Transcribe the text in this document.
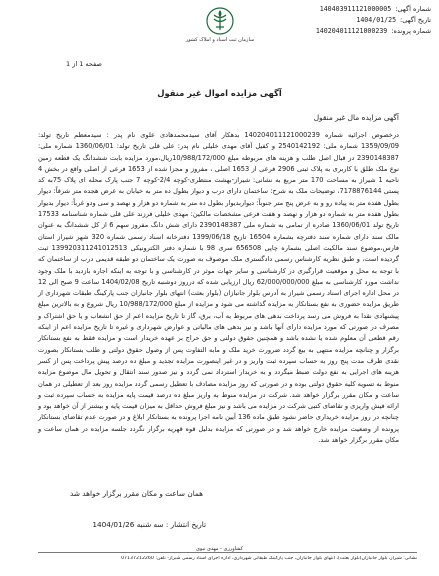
شماره آگهی:
140403911121000005
تاریخ آگهی:
1404/01/25
شماره پرونده:
140204011121000239
سازمان ثبت اسناد و املاک کشور
صفحه 1 از 1
آگهی مزایده اموال غیر منقول
آگهی مزایده مال غیر منقول
درخصوص اجرائیه شماره 140204011121000239 بدهکار آقای سیدمحمدهادی علوی نام پدر : سیدمعظم تاریخ تولد: 1359/09/09 شماره ملی: 2540142192 و کفیل آقای مهدی خلیلی نام پدر: علی قلی تاریخ تولد: 1360/06/01 شماره ملی: 2390148387 در قبال اصل طلب و هزینه های مربوطه مبلغ 10/988/172/000ریال،مورد مزایده بابت ششدانگ یک قطعه زمین نوع ملک طلق با کاربری به پلاک ثبتی 2906 فرعی از 1653 اصلی ، مفروز و مجزا شده از 1653 فرعی از اصلی واقع در بخش 4 ناحیه 1 شیراز به مساحت 170 متر مربع به نشانی: شیراز-بهشت منتظری-کوچه 2/4-کوچه 7 جنب پارک محله ای پلاک 75به کد پستی 7178876144، توضیحات ملک به شرح: ساختمان دارای درب و دیوار بطول ده متر به خیابان به عرض هجده متر شرقاً: دیوار بطول هفده متر به پیاده رو و به عرض پنج متر جنوباً: دیواربدیوار بطول ده متر به شماره دو هزار و نهصد و سی ودو غرباً: دیوار بدیوار بطول هفده متر به شماره دو هزار و نهصد و هفت فرعی مشخصات مالکین: مهدی خلیلی فرزند علی قلی شماره شناسنامه 17533 تاریخ تولد 1360/06/01 صادره از تمامی به شماره ملی 2390148387 دارای شش دانگ مفروز سهم 6 از کل ششدانگ به عنوان مالک سند دارای شماره سند دفترچه بشماره 16504 تاریخ 1399/06/18 دفترخانه اسناد رسمی شماره 320 شهر شیراز استان فارس،موضوع سند مالکیت اصلی بشماره چاپی 656508 سری 98 با شماره دفتر الکترونیکی 139920311241012513 ثبت گردیده است، و طبق نظریه کارشناس رسمی دادگستری ملک موصوف به صورت یک ساختمان دو طبقه قدیمی درب از ساختمان که با توجه به محل و موقعیت قرارگیری در کارشناسی و سایر جهات موثر در کارشناسی و با توجه به اینکه اجاره بازدید با ملک وجود نداشت مورد کارشناسی به مبلغ 62/000/000/000 ریال ارزیابی شده که درروز دوشنبه تاریخ 1404/02/08 ساعت 9 صبح الی 12 در محل اداره اجرای اسناد رسمی شیراز به آدرس بلوار جانبازان (بلوار بعثت) انتهای بلوار جانبازان جنب پارکینگ طبقات شهرداری از طریق مزایده حضوری به نفع بستانکار به مزایده گذاشته می شود و مزایده از مبلغ 10/988/172/000 ریال شروع و به بالاترین مبلغ پیشنهادی نقدا به فروش می رسد پرداخت بدهی های مربوط به آب، برق، گاز تا تاریخ مزایده اعم از حق انشعاب و یا حق اشتراک و مصرف در صورتی که مورد مزایده دارای آنها باشد و نیز بدهی های مالیاتی و عوارض شهرداری و غیره تا تاریخ مزایده اعم از اینکه رقم قطعی آن معلوم شده یا نشده باشد و همچنین حقوق دولتی و حق حراج بر عهده خریدار است و مزایده فقط به نفع بستانکار برگزار و چنانچه مزایده منتهی به بیع گردد ضرورت خرید ملک و مابه التفاوت پس از وصول حقوق دولتی و طلب بستانکار بصورت نقدی ظرف مدت پنج روز به حساب سپرده ثبت واریز و در غیر اینصورت مزایده تجدید و مبلغ ده درصد پیش پرداخت پس از کسر هزینه های اجرایی به نفع دولت ضبط میگردد و به خریدار استرداد نمی گردد و نیز صدور سند انتقال و تحویل مال موضوع مزایده منوط به تسویه کلیه حقوق دولتی بوده و در صورتی که روز مزایده مصادف با تعطیل رسمی گردد مزایده روز بعد از تعطیلی در همان ساعت و مکان مقرر برگزار خواهد شد. شرکت در مزایده منوط به واریز مبلغ ده درصد قیمت پایه مزایده به حساب سپرده ثبت و ارائه فیش واریزی و تقاضای کتبی شرکت در مزایده می باشد و نیز مبلغ فروش حداقل به میزان قیمت پایه و بیشتر از آن خواهد بود و چنانچه در روز مزایده خریداری حاضر نشود طبق ماده 136 آیین نامه اجرا پرونده به بستانکار ابلاغ و در صورت عدم تقاضای بستانکار پرونده از وضعیت مزایده خارج خواهد شد و در صورتی که مزایده بدلیل قوه قهریه برگزار نگردد جلسه مزایده در همان ساعت و مکان مقرر برگزار خواهد شد.
همان ساعت و مکان مقرر برگزار خواهد شد
تاریخ انتشار : سه شنبه 1404/01/26
کشاورزی - مهدی نبوی
نشانی: شیراز، بلوار جانبازان(بلوار بعثت)، انتهای بلوار جانبازان، جنب پارکینگ طبقاتی شهرداری، اداره اجرای اسناد رسمی شیراز- تلفن: 07137212260
